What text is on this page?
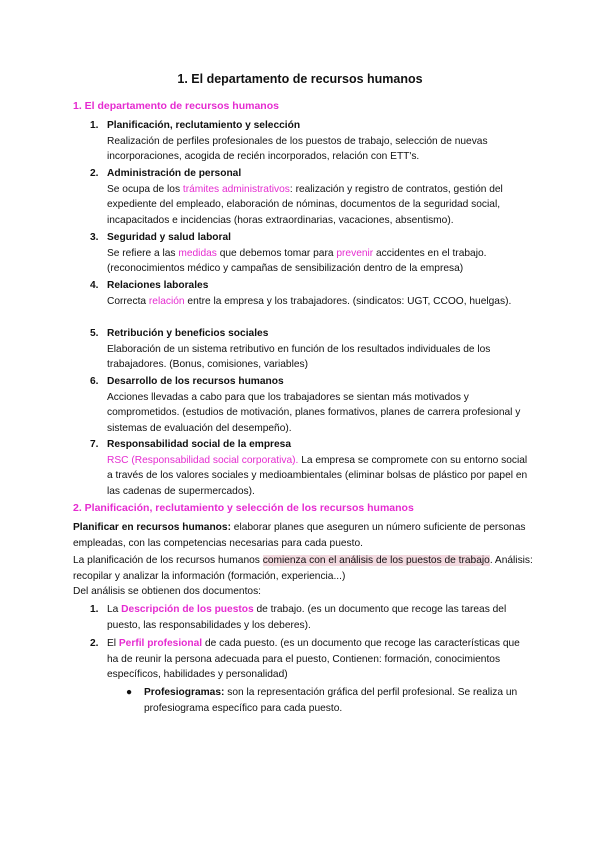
1. El departamento de recursos humanos
1. El departamento de recursos humanos
1. Planificación, reclutamiento y selección
Realización de perfiles profesionales de los puestos de trabajo, selección de nuevas incorporaciones, acogida de recién incorporados, relación con ETT's.
2. Administración de personal
Se ocupa de los trámites administrativos: realización y registro de contratos, gestión del expediente del empleado, elaboración de nóminas, documentos de la seguridad social, incapacitados e incidencias (horas extraordinarias, vacaciones, absentismo).
3. Seguridad y salud laboral
Se refiere a las medidas que debemos tomar para prevenir accidentes en el trabajo. (reconocimientos médico y campañas de sensibilización dentro de la empresa)
4. Relaciones laborales
Correcta relación entre la empresa y los trabajadores. (sindicatos: UGT, CCOO, huelgas).
5. Retribución y beneficios sociales
Elaboración de un sistema retributivo en función de los resultados individuales de los trabajadores. (Bonus, comisiones, variables)
6. Desarrollo de los recursos humanos
Acciones llevadas a cabo para que los trabajadores se sientan más motivados y comprometidos. (estudios de motivación, planes formativos, planes de carrera profesional y sistemas de evaluación del desempeño).
7. Responsabilidad social de la empresa
RSC (Responsabilidad social corporativa). La empresa se compromete con su entorno social a través de los valores sociales y medioambientales (eliminar bolsas de plástico por papel en las cadenas de supermercados).
2. Planificación, reclutamiento y selección de los recursos humanos
Planificar en recursos humanos: elaborar planes que aseguren un número suficiente de personas empleadas, con las competencias necesarias para cada puesto.
La planificación de los recursos humanos comienza con el análisis de los puestos de trabajo. Análisis: recopilar y analizar la información (formación, experiencia...)
Del análisis se obtienen dos documentos:
1. La Descripción de los puestos de trabajo. (es un documento que recoge las tareas del puesto, las responsabilidades y los deberes).
2. El Perfil profesional de cada puesto. (es un documento que recoge las características que ha de reunir la persona adecuada para el puesto, Contienen: formación, conocimientos específicos, habilidades y personalidad)
● Profesiogramas: son la representación gráfica del perfil profesional. Se realiza un profesiograma específico para cada puesto.
